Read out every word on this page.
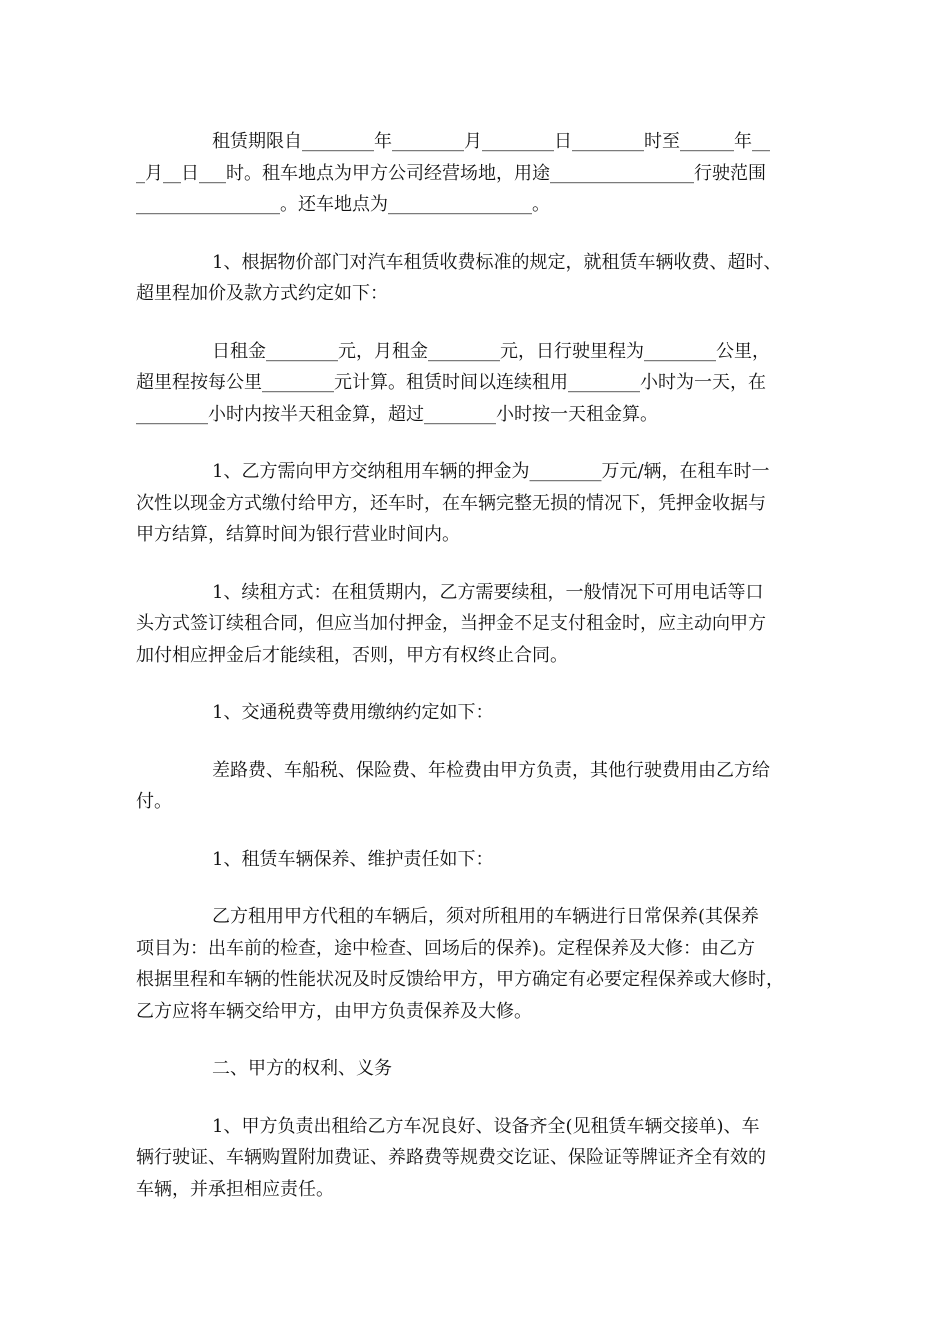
租赁期限自________年________月________日________时至______年__
_月__日___时。租车地点为甲方公司经营场地，用途________________行驶范围
________________。还车地点为________________。

1、根据物价部门对汽车租赁收费标准的规定，就租赁车辆收费、超时、
超里程加价及款方式约定如下：

日租金________元，月租金________元，日行驶里程为________公里，
超里程按每公里________元计算。租赁时间以连续租用________小时为一天，在
________小时内按半天租金算，超过________小时按一天租金算。

1、乙方需向甲方交纳租用车辆的押金为________万元/辆，在租车时一
次性以现金方式缴付给甲方，还车时，在车辆完整无损的情况下，凭押金收据与
甲方结算，结算时间为银行营业时间内。

1、续租方式：在租赁期内，乙方需要续租，一般情况下可用电话等口
头方式签订续租合同，但应当加付押金，当押金不足支付租金时，应主动向甲方
加付相应押金后才能续租，否则，甲方有权终止合同。

1、交通税费等费用缴纳约定如下：

差路费、车船税、保险费、年检费由甲方负责，其他行驶费用由乙方给
付。

1、租赁车辆保养、维护责任如下：

乙方租用甲方代租的车辆后，须对所租用的车辆进行日常保养(其保养
项目为：出车前的检查，途中检查、回场后的保养)。定程保养及大修：由乙方
根据里程和车辆的性能状况及时反馈给甲方，甲方确定有必要定程保养或大修时，
乙方应将车辆交给甲方，由甲方负责保养及大修。

二、甲方的权利、义务

1、甲方负责出租给乙方车况良好、设备齐全(见租赁车辆交接单)、车
辆行驶证、车辆购置附加费证、养路费等规费交讫证、保险证等牌证齐全有效的
车辆，并承担相应责任。
